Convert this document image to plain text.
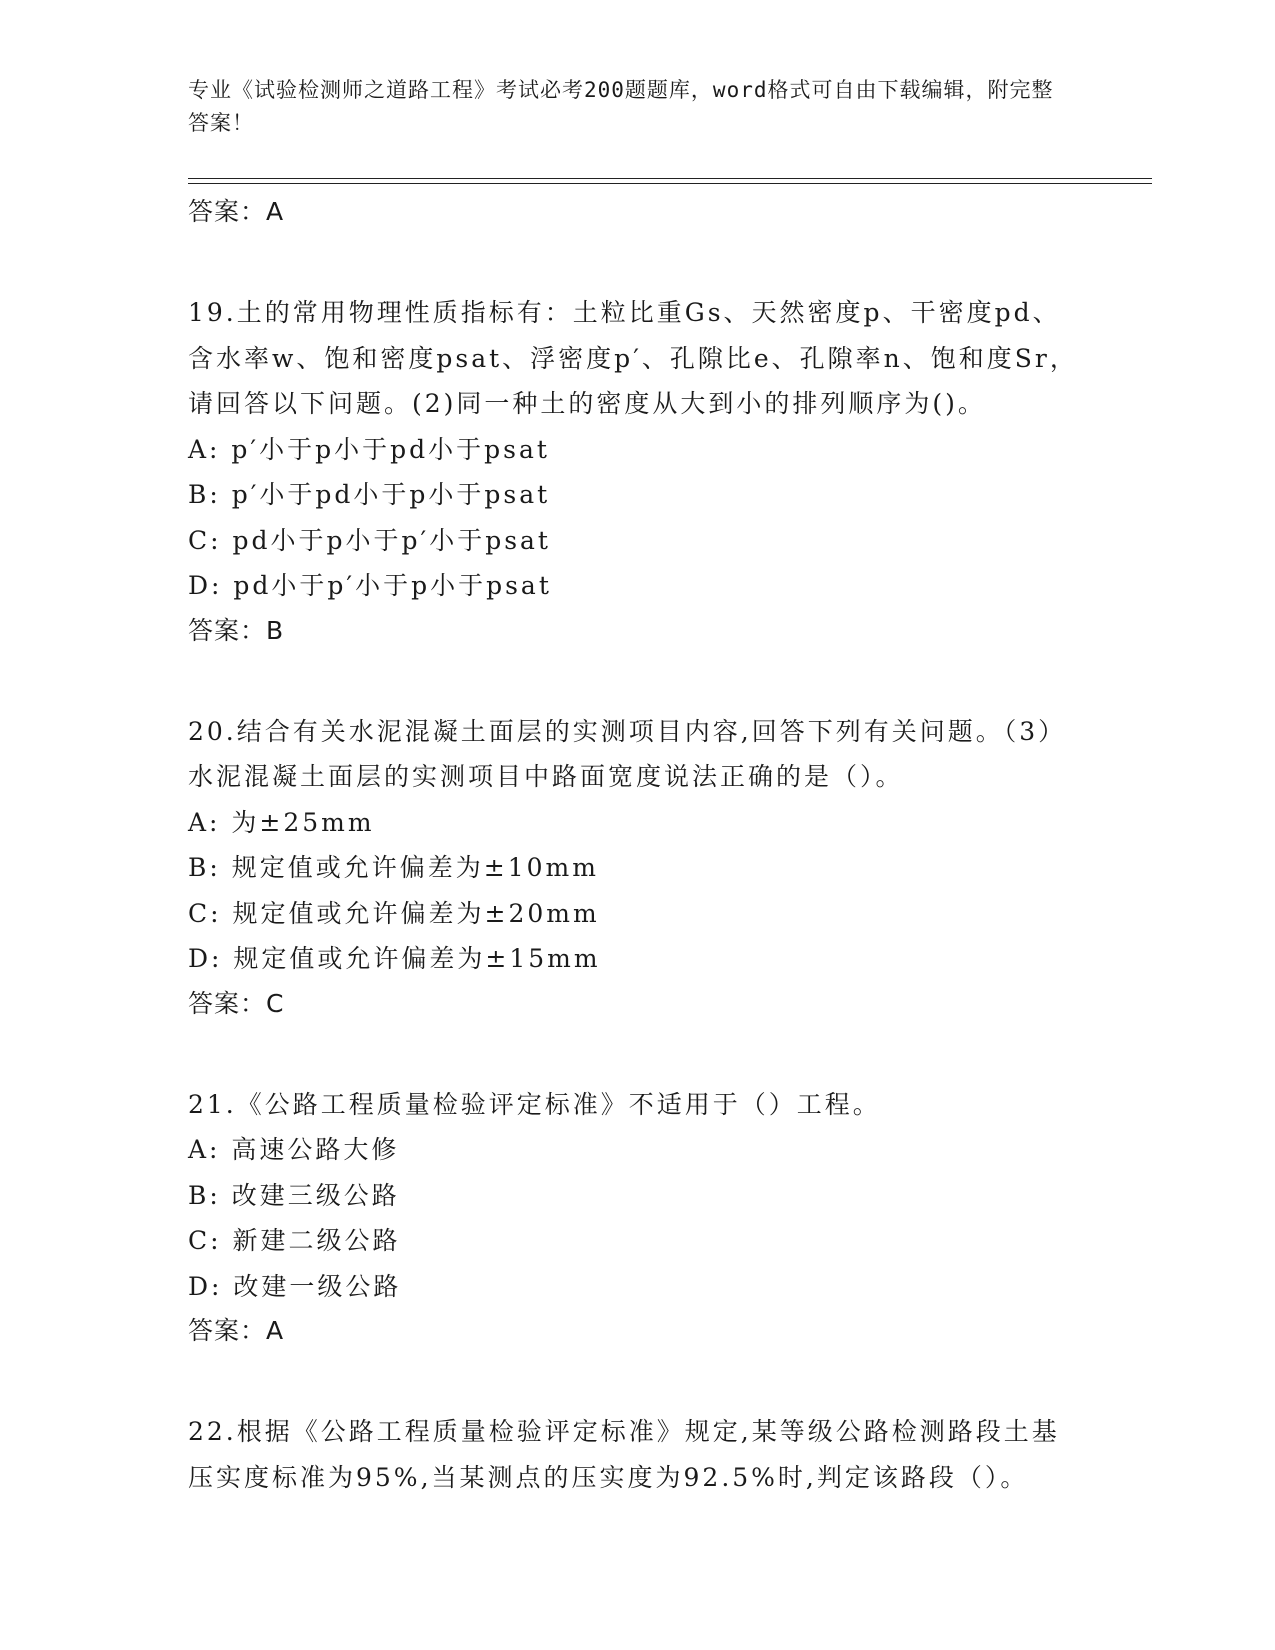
专业《试验检测师之道路工程》考试必考200题题库，word格式可自由下载编辑，附完整答案！
答案：A
19.土的常用物理性质指标有：土粒比重Gs、天然密度p、干密度pd、含水率w、饱和密度psat、浮密度p′、孔隙比e、孔隙率n、饱和度Sr，请回答以下问题。(2)同一种土的密度从大到小的排列顺序为()。
A: p′小于p小于pd小于psat
B: p′小于pd小于p小于psat
C: pd小于p小于p′小于psat
D: pd小于p′小于p小于psat
答案：B
20.结合有关水泥混凝土面层的实测项目内容,回答下列有关问题。（3）水泥混凝土面层的实测项目中路面宽度说法正确的是（）。
A: 为±25mm
B: 规定值或允许偏差为±10mm
C: 规定值或允许偏差为±20mm
D: 规定值或允许偏差为±15mm
答案：C
21.《公路工程质量检验评定标准》不适用于（）工程。
A: 高速公路大修
B: 改建三级公路
C: 新建二级公路
D: 改建一级公路
答案：A
22.根据《公路工程质量检验评定标准》规定,某等级公路检测路段土基压实度标准为95%,当某测点的压实度为92.5%时,判定该路段（）。
